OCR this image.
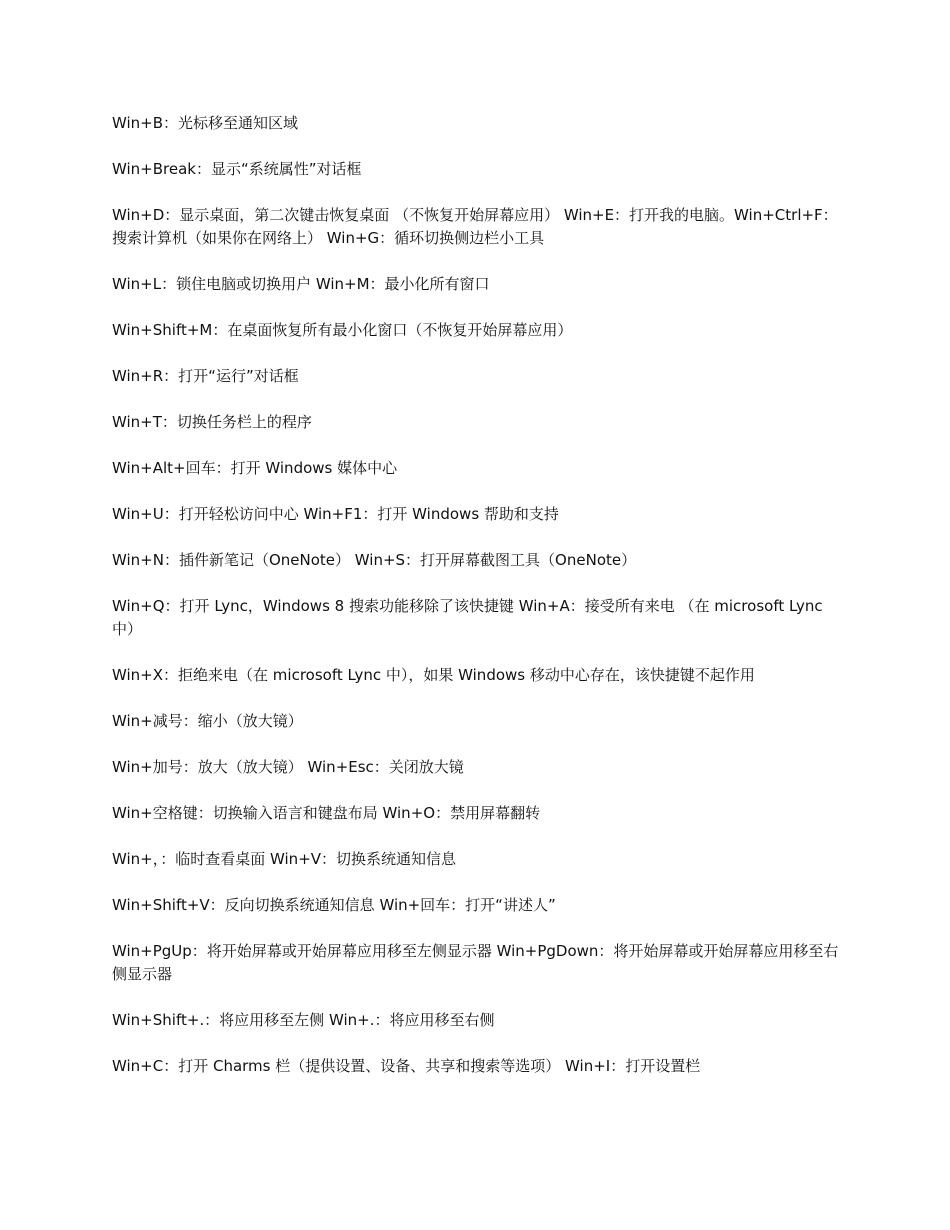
Win+B：光标移至通知区域

Win+Break：显示“系统属性”对话框

Win+D：显示桌面，第二次键击恢复桌面 （不恢复开始屏幕应用） Win+E：打开我的电脑。Win+Ctrl+F：搜索计算机（如果你在网络上） Win+G：循环切换侧边栏小工具

Win+L：锁住电脑或切换用户 Win+M：最小化所有窗口

Win+Shift+M：在桌面恢复所有最小化窗口（不恢复开始屏幕应用）

Win+R：打开“运行”对话框

Win+T：切换任务栏上的程序

Win+Alt+回车：打开 Windows 媒体中心

Win+U：打开轻松访问中心 Win+F1：打开 Windows 帮助和支持

Win+N：插件新笔记（OneNote） Win+S：打开屏幕截图工具（OneNote）

Win+Q：打开 Lync，Windows 8 搜索功能移除了该快捷键 Win+A：接受所有来电 （在 microsoft Lync 中）

Win+X：拒绝来电（在 microsoft Lync 中），如果 Windows 移动中心存在，该快捷键不起作用

Win+减号：缩小（放大镜）

Win+加号：放大（放大镜） Win+Esc：关闭放大镜

Win+空格键：切换输入语言和键盘布局 Win+O：禁用屏幕翻转

Win+，：临时查看桌面 Win+V：切换系统通知信息

Win+Shift+V：反向切换系统通知信息 Win+回车：打开“讲述人”

Win+PgUp：将开始屏幕或开始屏幕应用移至左侧显示器 Win+PgDown：将开始屏幕或开始屏幕应用移至右侧显示器

Win+Shift+.：将应用移至左侧 Win+.：将应用移至右侧

Win+C：打开 Charms 栏（提供设置、设备、共享和搜索等选项） Win+I：打开设置栏
